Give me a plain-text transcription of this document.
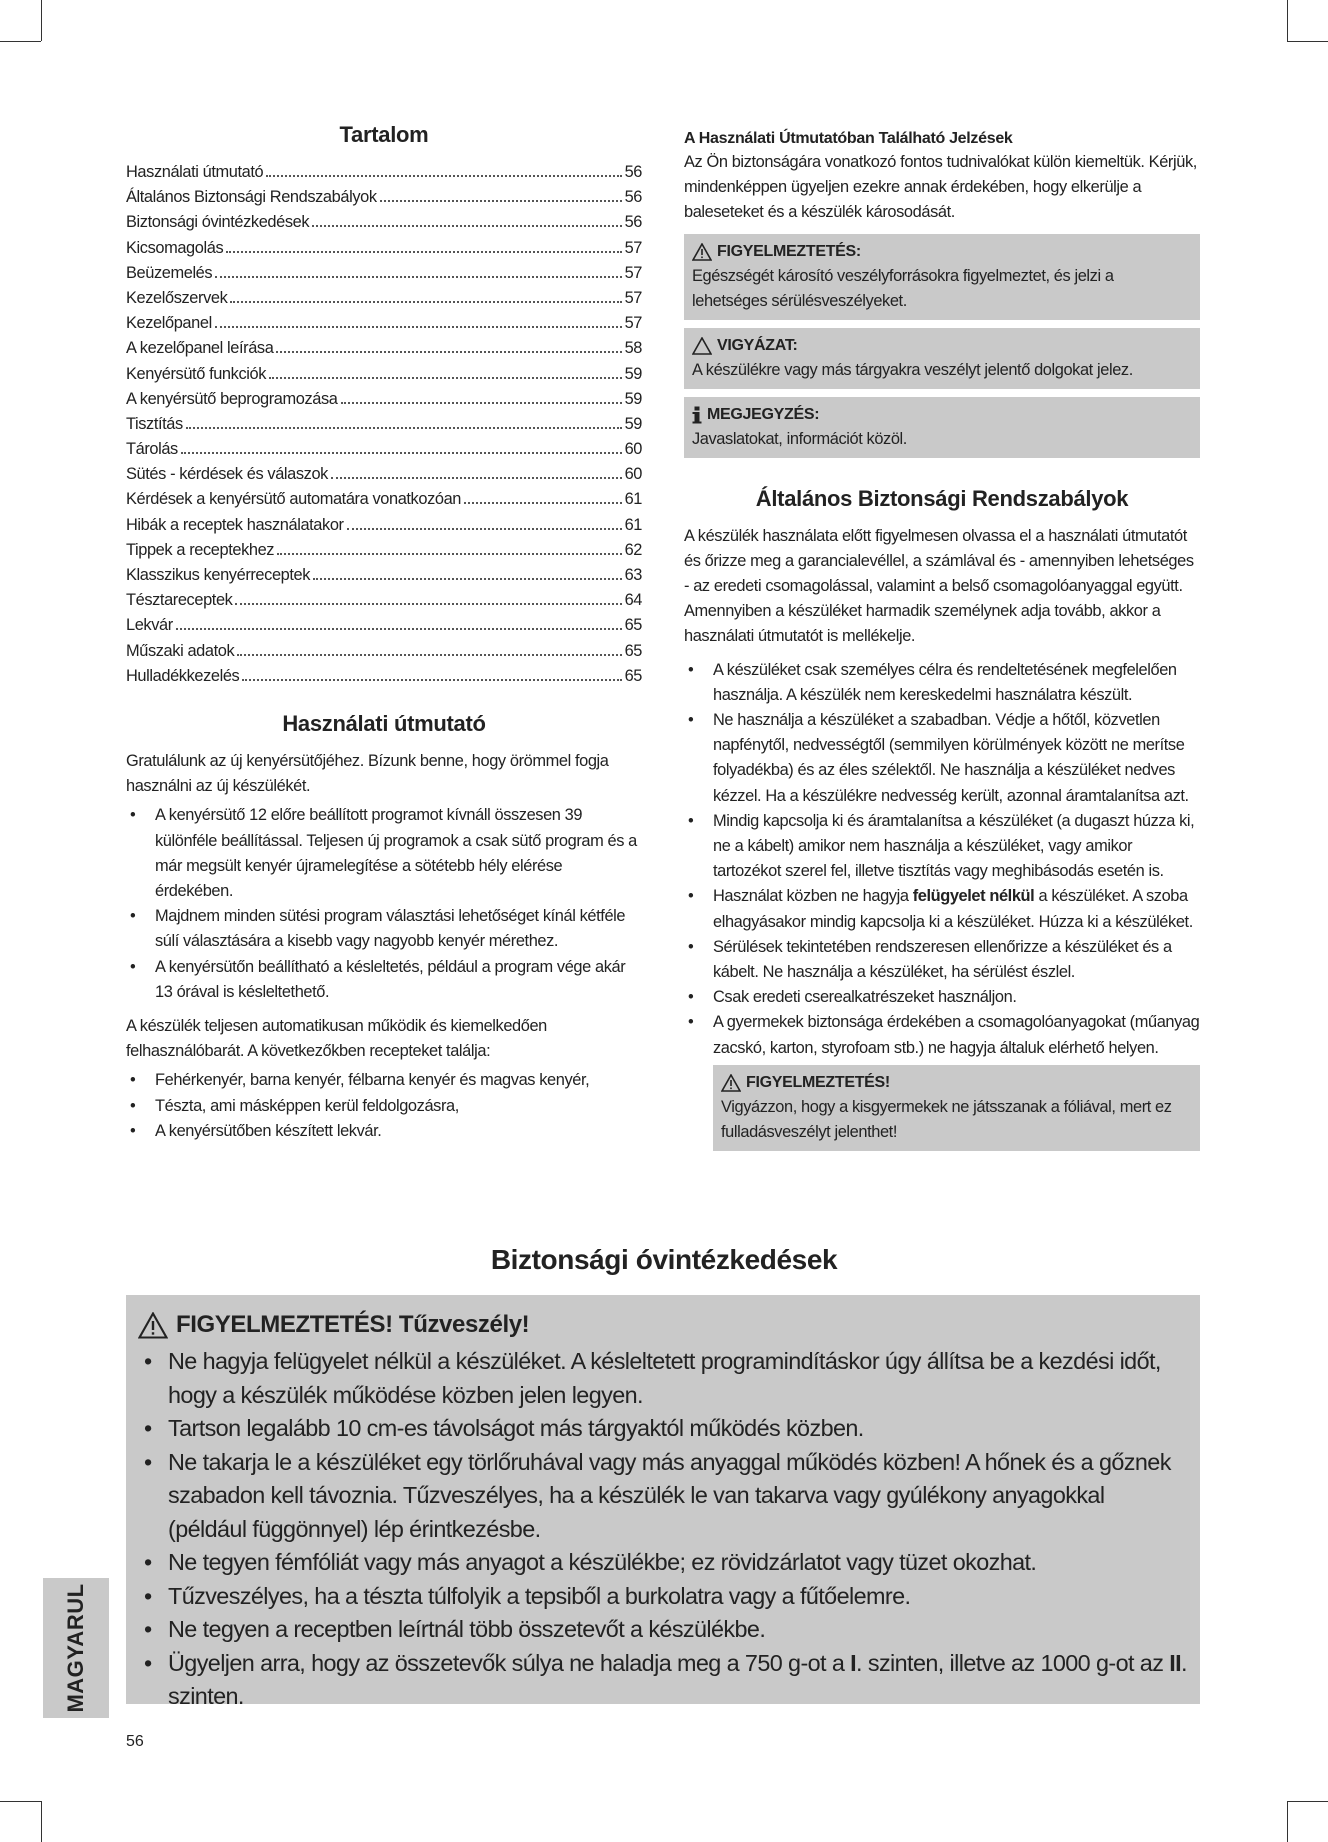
Tartalom
Használati útmutató	56
Általános Biztonsági Rendszabályok	56
Biztonsági óvintézkedések	56
Kicsomagolás	57
Beüzemelés	57
Kezelőszervek	57
Kezelőpanel	57
A kezelőpanel leírása	58
Kenyérsütő funkciók	59
A kenyérsütő beprogramozása	59
Tisztítás	59
Tárolás	60
Sütés - kérdések és válaszok	60
Kérdések a kenyérsütő automatára vonatkozóan	61
Hibák a receptek használatakor	61
Tippek a receptekhez	62
Klasszikus kenyérreceptek	63
Tésztareceptek	64
Lekvár	65
Műszaki adatok	65
Hulladékkezelés	65
Használati útmutató

Gratulálunk az új kenyérsütőjéhez. Bízunk benne, hogy örömmel fogja használni az új készülékét.

• A kenyérsütő 12 előre beállított programot kívnáll összesen 39 különféle beállítással. Teljesen új programok a csak sütő program és a már megsült kenyér újramelegítése a sötétebb hély elérése érdekében.
• Majdnem minden sütési program választási lehetőséget kínál kétféle súlí választására a kisebb vagy nagyobb kenyér mérethez.
• A kenyérsütőn beállítható a késleltetés, például a program vége akár 13 órával is késleltethető.

A készülék teljesen automatikusan működik és kiemelkedően felhasználóbarát. A következőkben recepteket találja:

• Fehérkenyér, barna kenyér, félbarna kenyér és magvas kenyér,
• Tészta, ami másképpen kerül feldolgozásra,
• A kenyérsütőben készített lekvár.
A Használati Útmutatóban Található Jelzések

Az Ön biztonságára vonatkozó fontos tudnivalókat külön kiemeltük. Kérjük, mindenképpen ügyeljen ezekre annak érdekében, hogy elkerülje a baleseteket és a készülék károsodását.

FIGYELMEZTETÉS:
Egészségét károsító veszélyforrásokra figyelmeztet, és jelzi a lehetséges sérülésveszélyeket.
VIGYÁZAT:
A készülékre vagy más tárgyakra veszélyt jelentő dolgokat jelez.
MEGJEGYZÉS:
Javaslatokat, információt közöl.
Általános Biztonsági Rendszabályok

A készülék használata előtt figyelmesen olvassa el a használati útmutatót és őrizze meg a garancialevéllel, a számlával és - amennyiben lehetséges - az eredeti csomagolással, valamint a belső csomagolóanyaggal együtt. Amennyiben a készüléket harmadik személynek adja tovább, akkor a használati útmutatót is mellékelje.

• A készüléket csak személyes célra és rendeltetésének megfelelően használja. A készülék nem kereskedelmi használatra készült.
• Ne használja a készüléket a szabadban. Védje a hőtől, közvetlen napfénytől, nedvességtől (semmilyen körülmények között ne merítse folyadékba) és az éles szélektől. Ne használja a készüléket nedves kézzel. Ha a készülékre nedvesség került, azonnal áramtalanítsa azt.
• Mindig kapcsolja ki és áramtalanítsa a készüléket (a dugaszt húzza ki, ne a kábelt) amikor nem használja a készüléket, vagy amikor tartozékot szerel fel, illetve tisztítás vagy meghibásodás esetén is.
• Használat közben ne hagyja felügyelet nélkül a készüléket. A szoba elhagyásakor mindig kapcsolja ki a készüléket. Húzza ki a készüléket.
• Sérülések tekintetében rendszeresen ellenőrizze a készüléket és a kábelt. Ne használja a készüléket, ha sérülést észlel.
• Csak eredeti cserealkatrészeket használjon.
• A gyermekek biztonsága érdekében a csomagolóanyagokat (műanyag zacskó, karton, styrofoam stb.) ne hagyja általuk elérhető helyen.
FIGYELMEZTETÉS!
Vigyázzon, hogy a kisgyermekek ne játsszanak a fóliával, mert ez fulladásveszélyt jelenthet!
Biztonsági óvintézkedések
FIGYELMEZTETÉS! Tűzveszély!
• Ne hagyja felügyelet nélkül a készüléket. A késleltetett programindításkor úgy állítsa be a kezdési időt, hogy a készülék működése közben jelen legyen.
• Tartson legalább 10 cm-es távolságot más tárgyaktól működés közben.
• Ne takarja le a készüléket egy törlőruhával vagy más anyaggal működés közben! A hőnek és a gőznek szabadon kell távoznia. Tűzveszélyes, ha a készülék le van takarva vagy gyúlékony anyagokkal (például függönnyel) lép érintkezésbe.
• Ne tegyen fémfóliát vagy más anyagot a készülékbe; ez rövidzárlatot vagy tüzet okozhat.
• Tűzveszélyes, ha a tészta túlfolyik a tepsiből a burkolatra vagy a fűtőelemre.
• Ne tegyen a receptben leírtnál több összetevőt a készülékbe.
• Ügyeljen arra, hogy az összetevők súlya ne haladja meg a 750 g-ot a I. szinten, illetve az 1000 g-ot az II. szinten.
MAGYARUL
56
